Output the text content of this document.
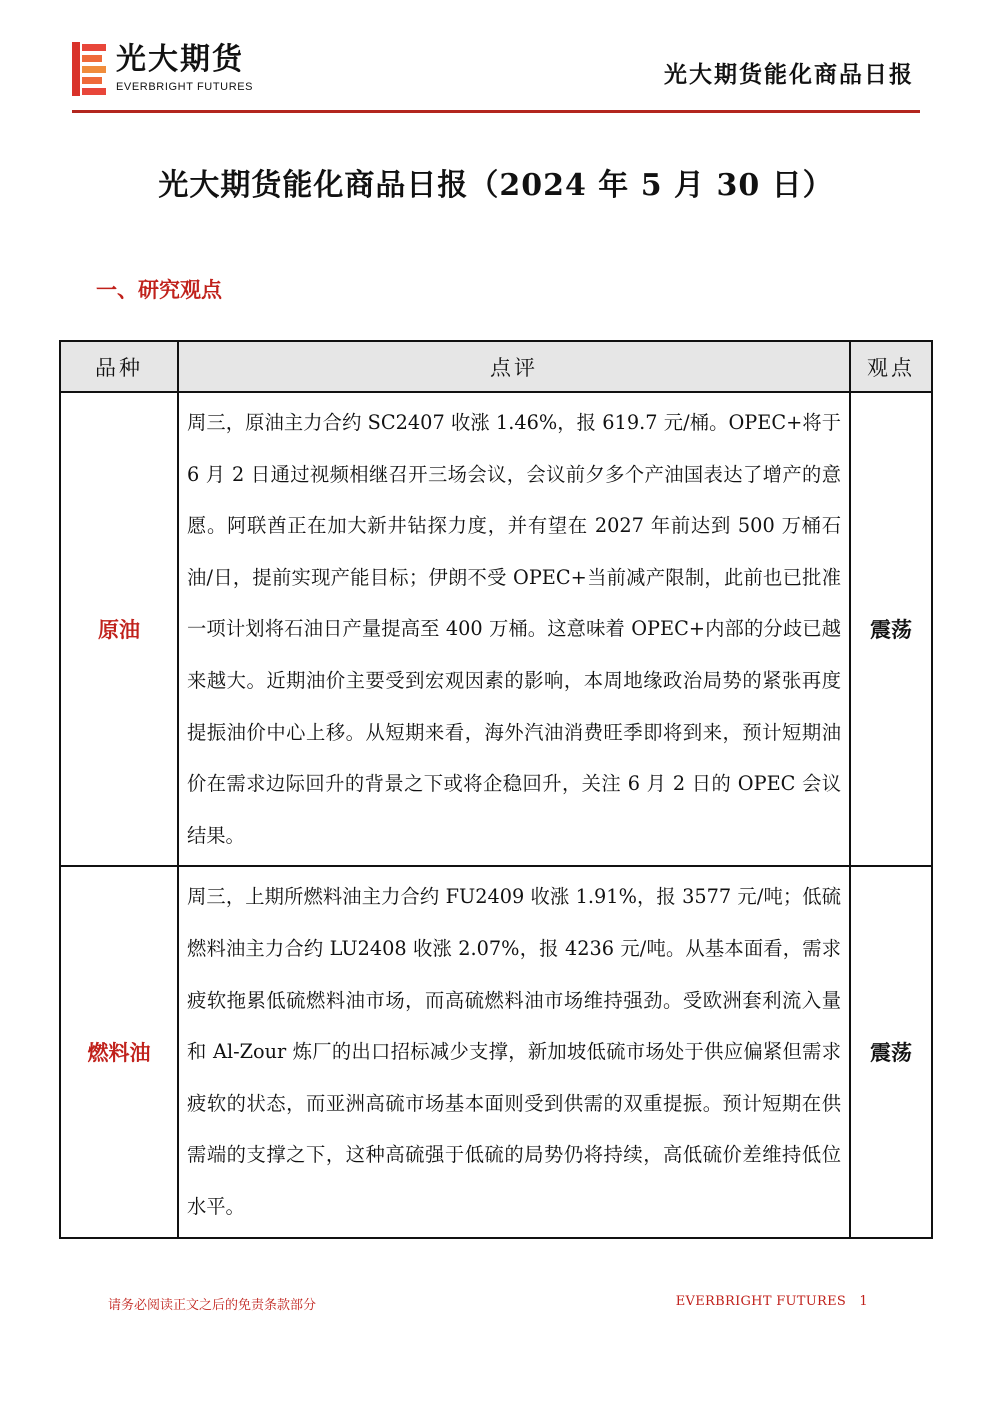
光大期货
EVERBRIGHT FUTURES	光大期货能化商品日报
光大期货能化商品日报（2024 年 5 月 30 日）
一、研究观点
品种	点评	观点
原油	周三，原油主力合约 SC2407 收涨 1.46%，报 619.7 元/桶。OPEC+将于 6 月 2 日通过视频相继召开三场会议，会议前夕多个产油国表达了增产的意愿。阿联酋正在加大新井钻探力度，并有望在 2027 年前达到 500 万桶石油/日，提前实现产能目标；伊朗不受 OPEC+当前减产限制，此前也已批准一项计划将石油日产量提高至 400 万桶。这意味着 OPEC+内部的分歧已越来越大。近期油价主要受到宏观因素的影响，本周地缘政治局势的紧张再度提振油价中心上移。从短期来看，海外汽油消费旺季即将到来，预计短期油价在需求边际回升的背景之下或将企稳回升，关注 6 月 2 日的 OPEC 会议结果。	震荡
燃料油	周三，上期所燃料油主力合约 FU2409 收涨 1.91%，报 3577 元/吨；低硫燃料油主力合约 LU2408 收涨 2.07%，报 4236 元/吨。从基本面看，需求疲软拖累低硫燃料油市场，而高硫燃料油市场维持强劲。受欧洲套利流入量和 Al-Zour 炼厂的出口招标减少支撑，新加坡低硫市场处于供应偏紧但需求疲软的状态，而亚洲高硫市场基本面则受到供需的双重提振。预计短期在供需端的支撑之下，这种高硫强于低硫的局势仍将持续，高低硫价差维持低位水平。	震荡
请务必阅读正文之后的免责条款部分	EVERBRIGHT FUTURES 1
